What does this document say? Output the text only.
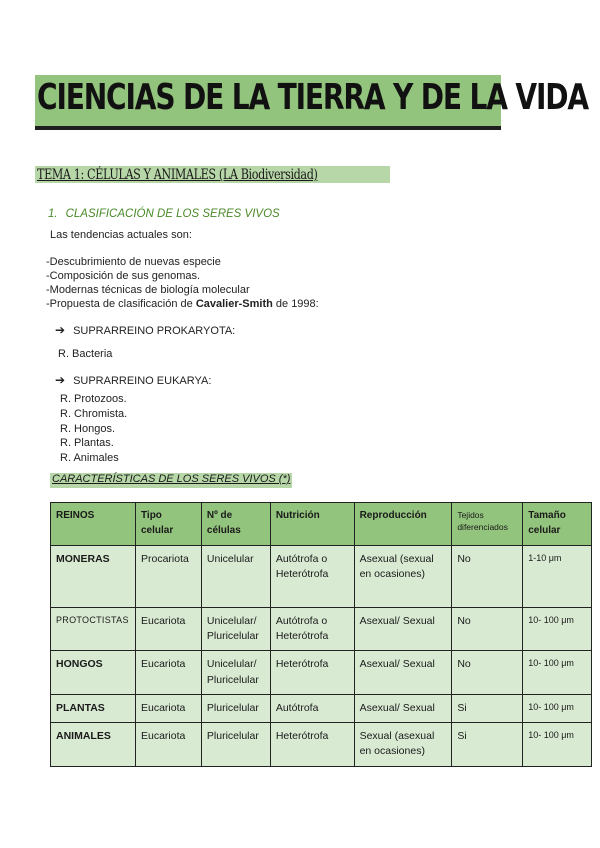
CIENCIAS DE LA TIERRA Y DE LA VIDA
TEMA 1: CÉLULAS Y ANIMALES (LA Biodiversidad)
1. CLASIFICACIÓN DE LOS SERES VIVOS
Las tendencias actuales son:
-Descubrimiento de nuevas especie
-Composición de sus genomas.
-Modernas técnicas de biología molecular
-Propuesta de clasificación de Cavalier-Smith de 1998:
➔ SUPRARREINO PROKARYOTA:
R. Bacteria
➔ SUPRARREINO EUKARYA:
R. Protozoos.
R. Chromista.
R. Hongos.
R. Plantas.
R. Animales
CARACTERÍSTICAS DE LOS SERES VIVOS (*)
REINOS	Tipo celular	Nº de células	Nutrición	Reproducción	Tejidos diferenciados	Tamaño celular
MONERAS	Procariota	Unicelular	Autótrofa o Heterótrofa	Asexual (sexual en ocasiones)	No	1-10 μm
PROTOCTISTAS	Eucariota	Unicelular/ Pluricelular	Autótrofa o Heterótrofa	Asexual/ Sexual	No	10- 100 μm
HONGOS	Eucariota	Unicelular/ Pluricelular	Heterótrofa	Asexual/ Sexual	No	10- 100 μm
PLANTAS	Eucariota	Pluricelular	Autótrofa	Asexual/ Sexual	Si	10- 100 μm
ANIMALES	Eucariota	Pluricelular	Heterótrofa	Sexual (asexual en ocasiones)	Si	10- 100 μm
